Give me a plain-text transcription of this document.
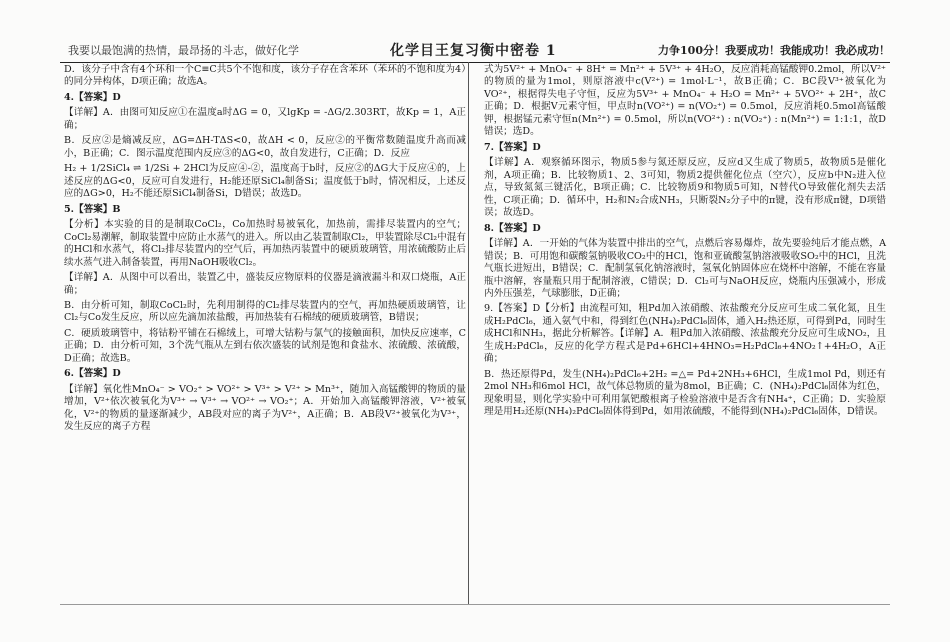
我要以最饱满的热情，最昂扬的斗志，做好化学	化学目王复习衡中密卷 1	力争100分！我要成功！我能成功！我必成功！

D．该分子中含有4个环和一个C≡C共5个不饱和度，该分子存在含苯环（苯环的不饱和度为4）的同分异构体，D项正确；故选A。

4.【答案】D

【详解】A．由图可知反应①在温度a时ΔG = 0，又lgKp = -ΔG/2.303RT，故Kp = 1，A正确；

B．反应②是熵减反应，ΔG=ΔH-TΔS<0，故ΔH < 0，反应②的平衡常数随温度升高而减小，B正确；C．图示温度范围内反应③的ΔG<0，故自发进行，C正确；D．反应

H₂ + 1/2SiCl₄ ⇌ 1/2Si + 2HCl为反应④-②，温度高于b时，反应②的ΔG大于反应④的，上述反应的ΔG<0，反应可自发进行，H₂能还原SiCl₄制备Si；温度低于b时，情况相反，上述反应的ΔG>0，H₂不能还原SiCl₄制备Si，D错误；故选D。

5.【答案】B

【分析】本实验的目的是制取CoCl₂，Co加热时易被氧化，加热前，需排尽装置内的空气；CoCl₂易潮解，制取装置中应防止水蒸气的进入。所以由乙装置制取Cl₂，甲装置除尽Cl₂中混有的HCl和水蒸气，将Cl₂排尽装置内的空气后，再加热丙装置中的硬质玻璃管，用浓硫酸防止后续水蒸气进入制备装置，再用NaOH吸收Cl₂。

【详解】A．从图中可以看出，装置乙中，盛装反应物原料的仪器是滴液漏斗和双口烧瓶，A正确；

B．由分析可知，制取CoCl₂时，先利用制得的Cl₂排尽装置内的空气，再加热硬质玻璃管，让Cl₂与Co发生反应，所以应先滴加浓盐酸，再加热装有石棉绒的硬质玻璃管，B错误；

C．硬质玻璃管中，将钴粉平铺在石棉绒上，可增大钴粉与氯气的接触面积，加快反应速率，C正确；D．由分析可知，3个洗气瓶从左到右依次盛装的试剂是饱和食盐水、浓硫酸、浓硫酸，D正确；故选B。

6.【答案】D

【详解】氧化性MnO₄⁻ > VO₂⁺ > VO²⁺ > V³⁺ > V²⁺ > Mn³⁺，随加入高锰酸钾的物质的量增加，V²⁺依次被氧化为V³⁺ → V³⁺ → VO²⁺ → VO₂⁺；A．开始加入高锰酸钾溶液，V²⁺被氧化，V²⁺的物质的量逐渐减少，AB段对应的离子为V²⁺，A正确；B．AB段V²⁺被氧化为V³⁺，发生反应的离子方程

式为5V²⁺ + MnO₄⁻ + 8H⁺ = Mn²⁺ + 5V³⁺ + 4H₂O，反应消耗高锰酸钾0.2mol，所以V²⁺的物质的量为1mol，则原溶液中c(V²⁺) = 1mol·L⁻¹，故B正确；C．BC段V³⁺被氧化为VO²⁺，根据得失电子守恒，反应为5V³⁺ + MnO₄⁻ + H₂O = Mn²⁺ + 5VO²⁺ + 2H⁺，故C正确；D．根据V元素守恒，甲点时n(VO²⁺) = n(VO₂⁺) = 0.5mol，反应消耗0.5mol高锰酸钾，根据锰元素守恒n(Mn²⁺) = 0.5mol，所以n(VO²⁺) : n(VO₂⁺) : n(Mn²⁺) = 1:1:1，故D错误；选D。

7.【答案】D

【详解】A．观察循环图示，物质5参与氮还原反应，反应d又生成了物质5，故物质5是催化剂，A项正确；B．比较物质1、2、3可知，物质2提供催化位点（空穴），反应b中N₂进入位点，导致氮氮三键活化，B项正确；C．比较物质9和物质5可知，N替代O导致催化剂失去活性，C项正确；D．循环中，H₂和N₂合成NH₃，只断裂N₂分子中的π键，没有形成π键，D项错误；故选D。

8.【答案】D

【详解】A．一开始的气体为装置中排出的空气，点燃后容易爆炸，故先要验纯后才能点燃，A错误；B．可用饱和碳酸氢钠吸收CO₂中的HCl，饱和亚硫酸氢钠溶液吸收SO₂中的HCl，且洗气瓶长进短出，B错误；C．配制氢氧化钠溶液时，氢氧化钠固体应在烧杯中溶解，不能在容量瓶中溶解，容量瓶只用于配制溶液，C错误；D．Cl₂可与NaOH反应，烧瓶内压强减小，形成内外压强差，气球膨胀，D正确；

9.【答案】D【分析】由流程可知，粗Pd加入浓硝酸、浓盐酸充分反应可生成二氧化氮，且生成H₂PdCl₆，通入氨气中和，得到红色(NH₄)₂PdCl₆固体，通入H₂热还原，可得到Pd，同时生成HCl和NH₃，据此分析解答。【详解】A．粗Pd加入浓硝酸、浓盐酸充分反应可生成NO₂，且生成H₂PdCl₆，反应的化学方程式是Pd+6HCl+4HNO₃=H₂PdCl₆+4NO₂↑+4H₂O，A正确；

B．热还原得Pd，发生(NH₄)₂PdCl₆+2H₂ =△= Pd+2NH₃+6HCl，生成1mol Pd，则还有2mol NH₃和6mol HCl，故气体总物质的量为8mol，B正确；C．(NH₄)₂PdCl₆固体为红色，现象明显，则化学实验中可利用氯钯酸根离子检验溶液中是否含有NH₄⁺，C正确；D．实验原理是用H₂还原(NH₄)₂PdCl₆固体得到Pd，如用浓硫酸，不能得到(NH₄)₂PdCl₆固体，D错误。
